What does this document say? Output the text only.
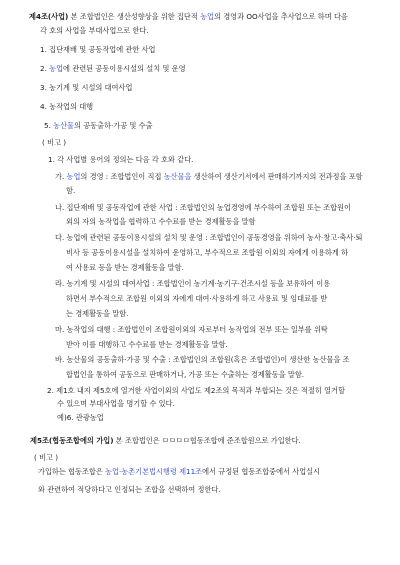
제4조(사업) 본 조합법인은 생산성향상을 위한 집단적 농업의 경영과 OO사업을 추사업으로 하며 다음
각 호의 사업을 부대사업으로 한다.
1. 집단재배 및 공동작업에 관한 사업
2. 농업에 관련된 공동이용시설의 설치 및 운영
3. 농기계 및 시설의 대여사업
4. 농작업의 대행
5. 농산물의 공동출하·가공 및 수출
( 비고 )
1. 각 사업별 용어의 정의는 다음 각 호와 같다.
가. 농업의 경영 : 조합법인이 직접 농산물을 생산하여 생산기서에서 판매하기까지의 전과정을 포함
함.
나. 집단재배 및 공동작업에 관한 사업 : 조합법인의 농업경영에 부수하여 조합원 또는 조합원이
외의 자의 농작업을 협력하고 수수료를 받는 경제활동을 말함
다. 농업에 관련된 공동이용시설의 설치 및 운영 : 조합법인이 공동경영을 위하여 농사·창고·축사·퇴
비사 등 공동이용시설을 설치하여 운영하고, 부수적으로 조합원 이외의 자에게 이용하게 하
여 사용료 등을 받는 경제활동을 말함.
라. 농기계 및 시설의 대여사업 : 조합법인이 농기계·농기구·건조시설 등을 보유하여 이용
하면서 부수적으로 조합원 이외의 자에게 대여·사용하게 하고 사용료 및 임대료를 받
는 경제활동을 말함.
마. 농작업의 대행 : 조합법인이 조합원이외의 자로부터 농작업의 전부 또는 일부를 위탁
받아 이를 대행하고 수수료를 받는 경제활동을 말함.
바. 농산물의 공동출하·가공 및 수출 : 조합법인의 조합원(혹은 조합법인)이 생산한 농산물을 조
합법인을 통하여 공동으로 판매하거나, 가공 또는 수출하는 경제활동을 말함.
2. 제1호 내지 제5호에 열거한 사업이외의 사업도 제2조의 목적과 부합되는 것은 적절히 열거할
수 있으며 부대사업을 명기할 수 있다.
예)6. 관광농업
제5조(협동조합에의 가입) 본 조합법인은 ㅁㅁㅁㅁ협동조합에 준조합원으로 가입한다.
( 비고 )
가입하는 협동조합은 농업·농촌기본법시행령 제11조에서 규정된 협동조합중에서 사업실시
와 관련하여 적당하다고 인정되는 조합을 선택하여 정한다.
